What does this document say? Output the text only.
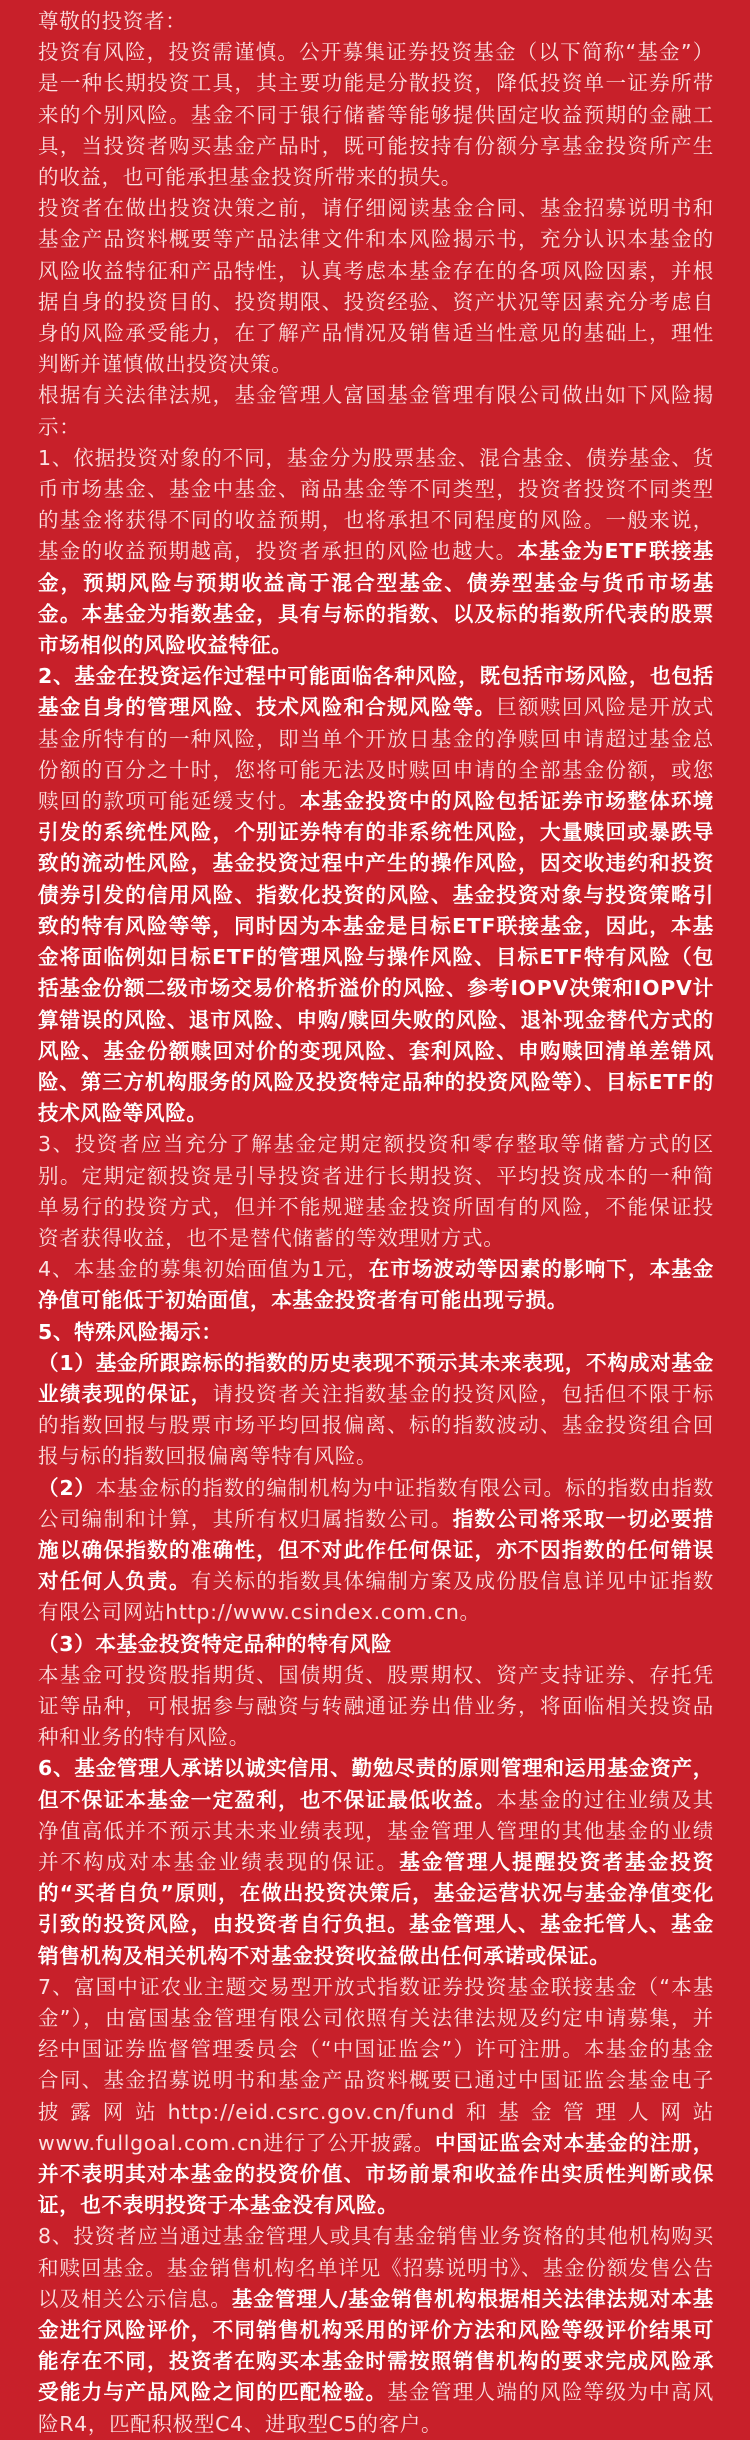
尊敬的投资者：

投资有风险，投资需谨慎。公开募集证券投资基金（以下简称“基金”）是一种长期投资工具，其主要功能是分散投资，降低投资单一证券所带来的个别风险。基金不同于银行储蓄等能够提供固定收益预期的金融工具，当投资者购买基金产品时，既可能按持有份额分享基金投资所产生的收益，也可能承担基金投资所带来的损失。

投资者在做出投资决策之前，请仔细阅读基金合同、基金招募说明书和基金产品资料概要等产品法律文件和本风险揭示书，充分认识本基金的风险收益特征和产品特性，认真考虑本基金存在的各项风险因素，并根据自身的投资目的、投资期限、投资经验、资产状况等因素充分考虑自身的风险承受能力，在了解产品情况及销售适当性意见的基础上，理性判断并谨慎做出投资决策。

根据有关法律法规，基金管理人富国基金管理有限公司做出如下风险揭示：

1、依据投资对象的不同，基金分为股票基金、混合基金、债券基金、货币市场基金、基金中基金、商品基金等不同类型，投资者投资不同类型的基金将获得不同的收益预期，也将承担不同程度的风险。一般来说，基金的收益预期越高，投资者承担的风险也越大。本基金为ETF联接基金，预期风险与预期收益高于混合型基金、债券型基金与货币市场基金。本基金为指数基金，具有与标的指数、以及标的指数所代表的股票市场相似的风险收益特征。

2、基金在投资运作过程中可能面临各种风险，既包括市场风险，也包括基金自身的管理风险、技术风险和合规风险等。巨额赎回风险是开放式基金所特有的一种风险，即当单个开放日基金的净赎回申请超过基金总份额的百分之十时，您将可能无法及时赎回申请的全部基金份额，或您赎回的款项可能延缓支付。本基金投资中的风险包括证券市场整体环境引发的系统性风险，个别证券特有的非系统性风险，大量赎回或暴跌导致的流动性风险，基金投资过程中产生的操作风险，因交收违约和投资债券引发的信用风险、指数化投资的风险、基金投资对象与投资策略引致的特有风险等等，同时因为本基金是目标ETF联接基金，因此，本基金将面临例如目标ETF的管理风险与操作风险、目标ETF特有风险（包括基金份额二级市场交易价格折溢价的风险、参考IOPV决策和IOPV计算错误的风险、退市风险、申购/赎回失败的风险、退补现金替代方式的风险、基金份额赎回对价的变现风险、套利风险、申购赎回清单差错风险、第三方机构服务的风险及投资特定品种的投资风险等）、目标ETF的技术风险等风险。

3、投资者应当充分了解基金定期定额投资和零存整取等储蓄方式的区别。定期定额投资是引导投资者进行长期投资、平均投资成本的一种简单易行的投资方式，但并不能规避基金投资所固有的风险，不能保证投资者获得收益，也不是替代储蓄的等效理财方式。

4、本基金的募集初始面值为1元，在市场波动等因素的影响下，本基金净值可能低于初始面值，本基金投资者有可能出现亏损。

5、特殊风险揭示：

（1）基金所跟踪标的指数的历史表现不预示其未来表现，不构成对基金业绩表现的保证，请投资者关注指数基金的投资风险，包括但不限于标的指数回报与股票市场平均回报偏离、标的指数波动、基金投资组合回报与标的指数回报偏离等特有风险。

（2）本基金标的指数的编制机构为中证指数有限公司。标的指数由指数公司编制和计算，其所有权归属指数公司。指数公司将采取一切必要措施以确保指数的准确性，但不对此作任何保证，亦不因指数的任何错误对任何人负责。有关标的指数具体编制方案及成份股信息详见中证指数有限公司网站http://www.csindex.com.cn。

（3）本基金投资特定品种的特有风险

本基金可投资股指期货、国债期货、股票期权、资产支持证券、存托凭证等品种，可根据参与融资与转融通证券出借业务，将面临相关投资品种和业务的特有风险。

6、基金管理人承诺以诚实信用、勤勉尽责的原则管理和运用基金资产，但不保证本基金一定盈利，也不保证最低收益。本基金的过往业绩及其净值高低并不预示其未来业绩表现，基金管理人管理的其他基金的业绩并不构成对本基金业绩表现的保证。基金管理人提醒投资者基金投资的“买者自负”原则，在做出投资决策后，基金运营状况与基金净值变化引致的投资风险，由投资者自行负担。基金管理人、基金托管人、基金销售机构及相关机构不对基金投资收益做出任何承诺或保证。

7、富国中证农业主题交易型开放式指数证券投资基金联接基金（“本基金”），由富国基金管理有限公司依照有关法律法规及约定申请募集，并经中国证券监督管理委员会（“中国证监会”）许可注册。本基金的基金合同、基金招募说明书和基金产品资料概要已通过中国证监会基金电子披露网站http://eid.csrc.gov.cn/fund和基金管理人网站www.fullgoal.com.cn进行了公开披露。中国证监会对本基金的注册，并不表明其对本基金的投资价值、市场前景和收益作出实质性判断或保证，也不表明投资于本基金没有风险。

8、投资者应当通过基金管理人或具有基金销售业务资格的其他机构购买和赎回基金。基金销售机构名单详见《招募说明书》、基金份额发售公告以及相关公示信息。基金管理人/基金销售机构根据相关法律法规对本基金进行风险评价，不同销售机构采用的评价方法和风险等级评价结果可能存在不同，投资者在购买本基金时需按照销售机构的要求完成风险承受能力与产品风险之间的匹配检验。基金管理人端的风险等级为中高风险R4，匹配积极型C4、进取型C5的客户。
